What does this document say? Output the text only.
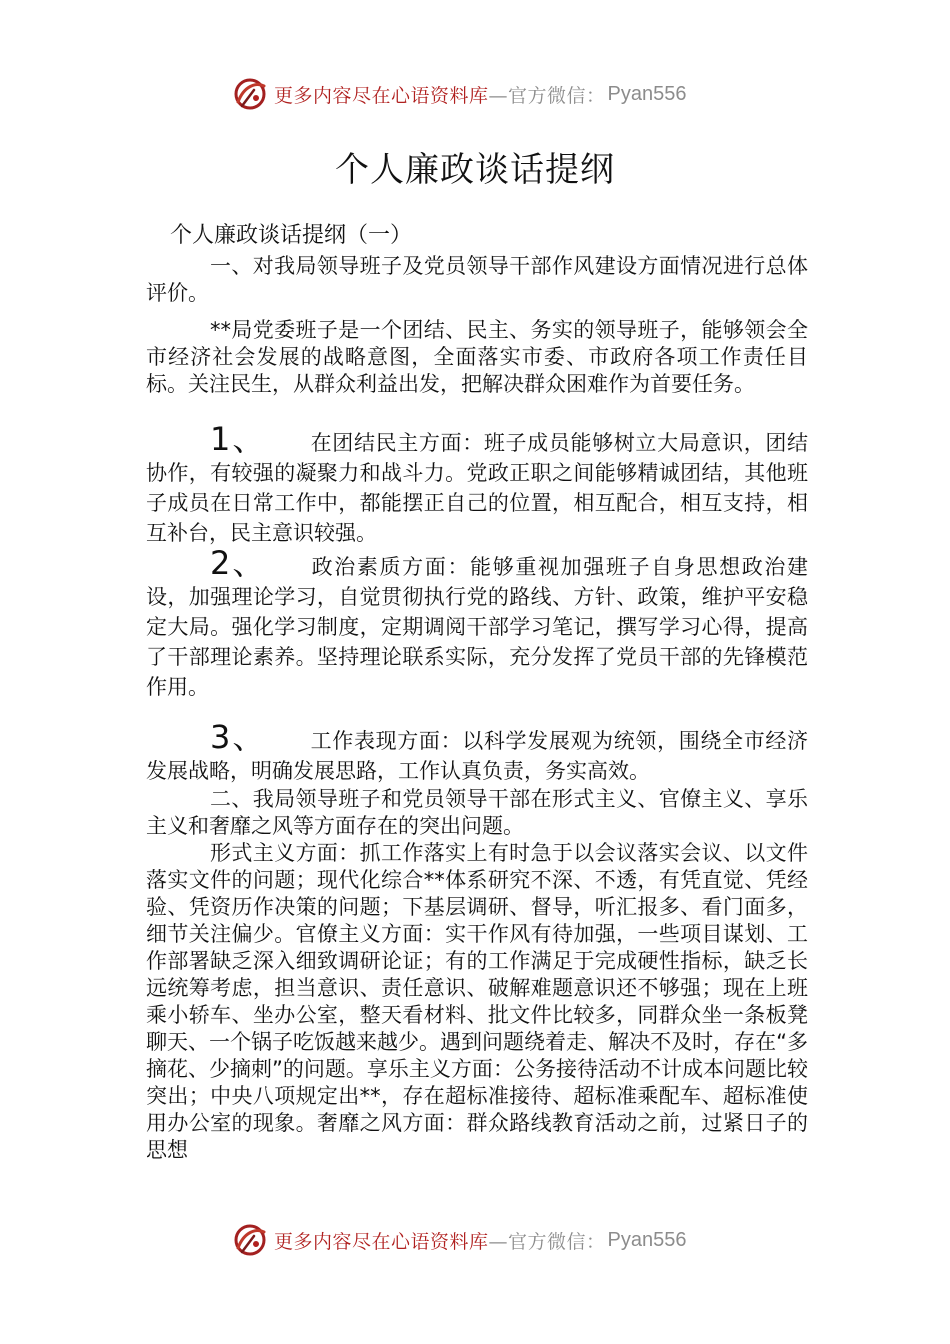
更多内容尽在心语资料库 —官方微信： Pyan556
个人廉政谈话提纲

个人廉政谈话提纲（一）

一、对我局领导班子及党员领导干部作风建设方面情况进行总体评价。

**局党委班子是一个团结、民主、务实的领导班子，能够领会全市经济社会发展的战略意图，全面落实市委、市政府各项工作责任目标。关注民生，从群众利益出发，把解决群众困难作为首要任务。

1、 在团结民主方面：班子成员能够树立大局意识，团结协作，有较强的凝聚力和战斗力。党政正职之间能够精诚团结，其他班子成员在日常工作中，都能摆正自己的位置，相互配合，相互支持，相互补台，民主意识较强。

2、 政治素质方面：能够重视加强班子自身思想政治建设，加强理论学习，自觉贯彻执行党的路线、方针、政策，维护平安稳定大局。强化学习制度，定期调阅干部学习笔记，撰写学习心得，提高了干部理论素养。坚持理论联系实际，充分发挥了党员干部的先锋模范作用。

3、 工作表现方面：以科学发展观为统领，围绕全市经济发展战略，明确发展思路，工作认真负责，务实高效。

二、我局领导班子和党员领导干部在形式主义、官僚主义、享乐主义和奢靡之风等方面存在的突出问题。

形式主义方面：抓工作落实上有时急于以会议落实会议、以文件落实文件的问题；现代化综合**体系研究不深、不透，有凭直觉、凭经验、凭资历作决策的问题；下基层调研、督导，听汇报多、看门面多，细节关注偏少。官僚主义方面：实干作风有待加强，一些项目谋划、工作部署缺乏深入细致调研论证；有的工作满足于完成硬性指标，缺乏长远统筹考虑，担当意识、责任意识、破解难题意识还不够强；现在上班乘小轿车、坐办公室，整天看材料、批文件比较多，同群众坐一条板凳聊天、一个锅子吃饭越来越少。遇到问题绕着走、解决不及时，存在“多摘花、少摘刺”的问题。享乐主义方面：公务接待活动不计成本问题比较突出；中央八项规定出**，存在超标准接待、超标准乘配车、超标准使用办公室的现象。奢靡之风方面：群众路线教育活动之前，过紧日子的思想

更多内容尽在心语资料库 —官方微信： Pyan556
